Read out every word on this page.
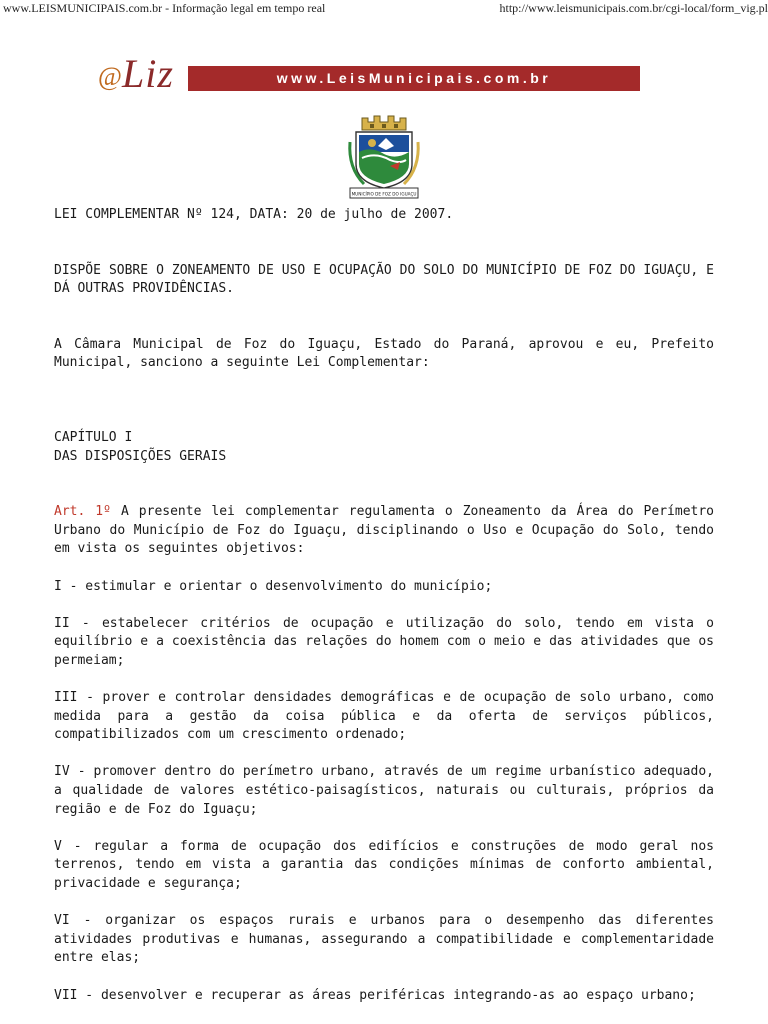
www.LEISMUNICIPAIS.com.br - Informação legal em tempo real	http://www.leismunicipais.com.br/cgi-local/form_vig.pl
@ Liz	www.LeisMunicipais.com.br
MUNICÍPIO DE FOZ DO IGUAÇU

LEI COMPLEMENTAR Nº 124, DATA: 20 de julho de 2007.

DISPÕE SOBRE O ZONEAMENTO DE USO E OCUPAÇÃO DO SOLO DO MUNICÍPIO DE FOZ DO IGUAÇU, E DÁ OUTRAS PROVIDÊNCIAS.

A Câmara Municipal de Foz do Iguaçu, Estado do Paraná, aprovou e eu, Prefeito Municipal, sanciono a seguinte Lei Complementar:

CAPÍTULO I

DAS DISPOSIÇÕES GERAIS

Art. 1º A presente lei complementar regulamenta o Zoneamento da Área do Perímetro Urbano do Município de Foz do Iguaçu, disciplinando o Uso e Ocupação do Solo, tendo em vista os seguintes objetivos:

I - estimular e orientar o desenvolvimento do município;

II - estabelecer critérios de ocupação e utilização do solo, tendo em vista o equilíbrio e a coexistência das relações do homem com o meio e das atividades que os permeiam;

III - prover e controlar densidades demográficas e de ocupação de solo urbano, como medida para a gestão da coisa pública e da oferta de serviços públicos, compatibilizados com um crescimento ordenado;

IV - promover dentro do perímetro urbano, através de um regime urbanístico adequado, a qualidade de valores estético-paisagísticos, naturais ou culturais, próprios da região e de Foz do Iguaçu;

V - regular a forma de ocupação dos edifícios e construções de modo geral nos terrenos, tendo em vista a garantia das condições mínimas de conforto ambiental, privacidade e segurança;

VI - organizar os espaços rurais e urbanos para o desempenho das diferentes atividades produtivas e humanas, assegurando a compatibilidade e complementaridade entre elas;

VII - desenvolver e recuperar as áreas periféricas integrando-as ao espaço urbano;
